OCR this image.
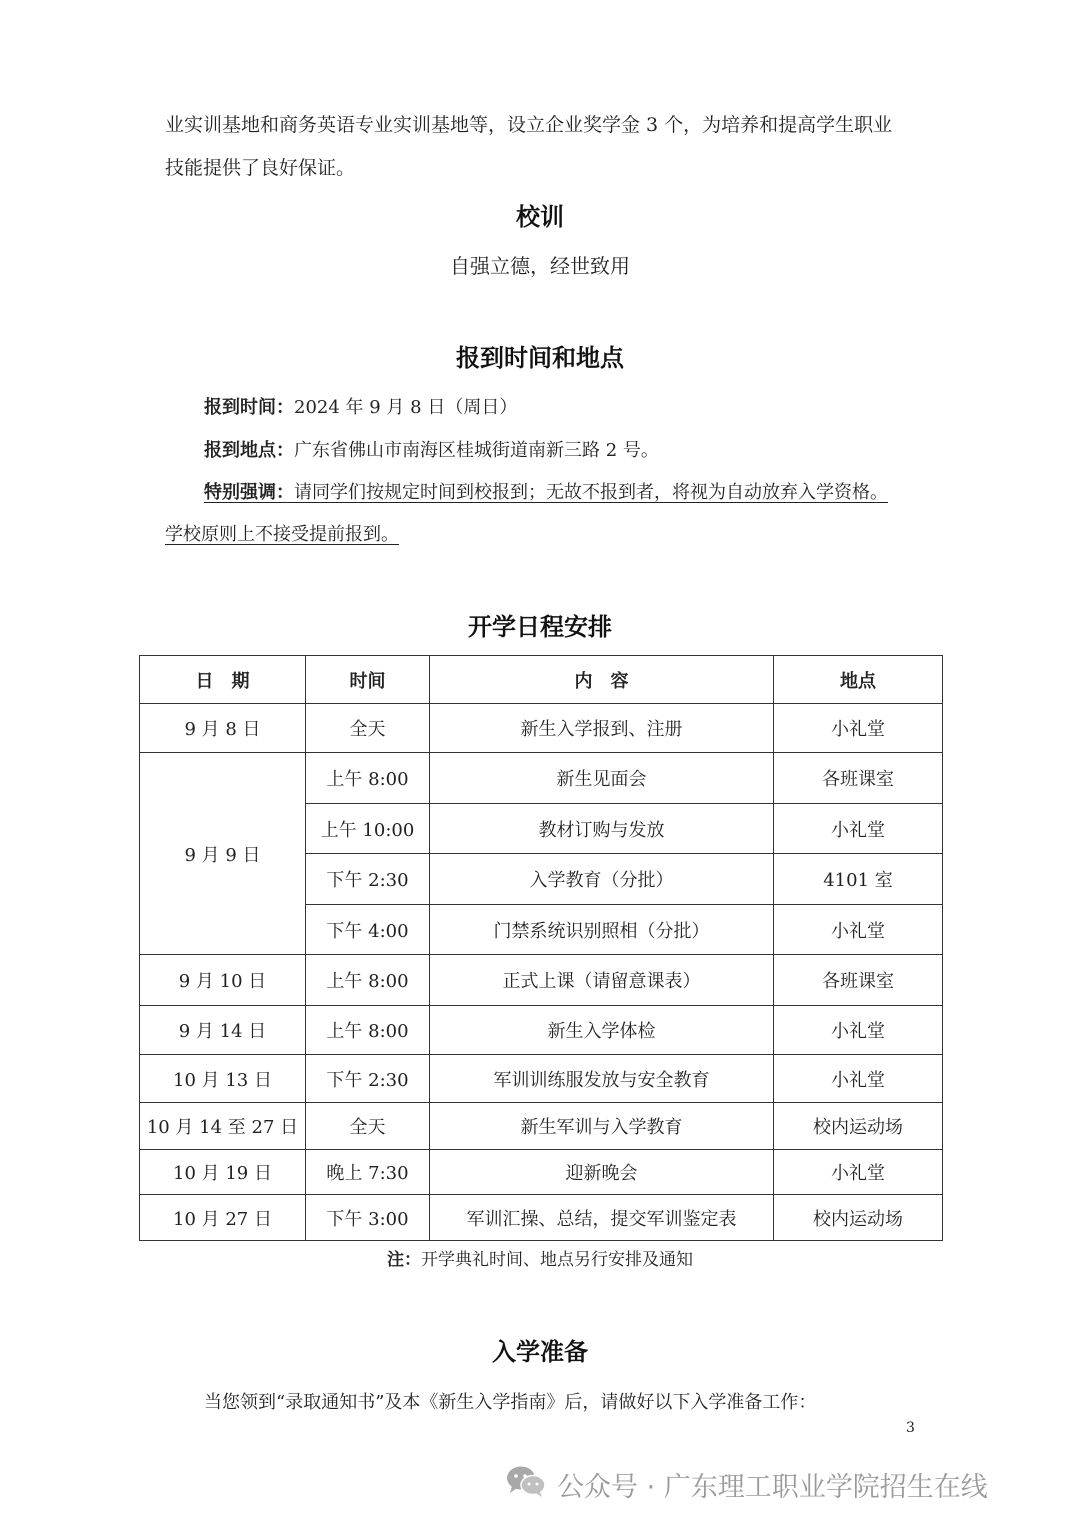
业实训基地和商务英语专业实训基地等，设立企业奖学金 3 个，为培养和提高学生职业
技能提供了良好保证。
校训
自强立德，经世致用
报到时间和地点
报到时间：2024 年 9 月 8 日（周日）
报到地点：广东省佛山市南海区桂城街道南新三路 2 号。
特别强调：请同学们按规定时间到校报到；无故不报到者，将视为自动放弃入学资格。
学校原则上不接受提前报到。
开学日程安排
日　期	时间	内　容	地点
9 月 8 日	全天	新生入学报到、注册	小礼堂
9 月 9 日	上午 8:00	新生见面会	各班课室
	上午 10:00	教材订购与发放	小礼堂
	下午 2:30	入学教育（分批）	4101 室
	下午 4:00	门禁系统识别照相（分批）	小礼堂
9 月 10 日	上午 8:00	正式上课（请留意课表）	各班课室
9 月 14 日	上午 8:00	新生入学体检	小礼堂
10 月 13 日	下午 2:30	军训训练服发放与安全教育	小礼堂
10 月 14 至 27 日	全天	新生军训与入学教育	校内运动场
10 月 19 日	晚上 7:30	迎新晚会	小礼堂
10 月 27 日	下午 3:00	军训汇操、总结，提交军训鉴定表	校内运动场
注：开学典礼时间、地点另行安排及通知
入学准备
当您领到“录取通知书”及本《新生入学指南》后，请做好以下入学准备工作：
3
公众号 · 广东理工职业学院招生在线
